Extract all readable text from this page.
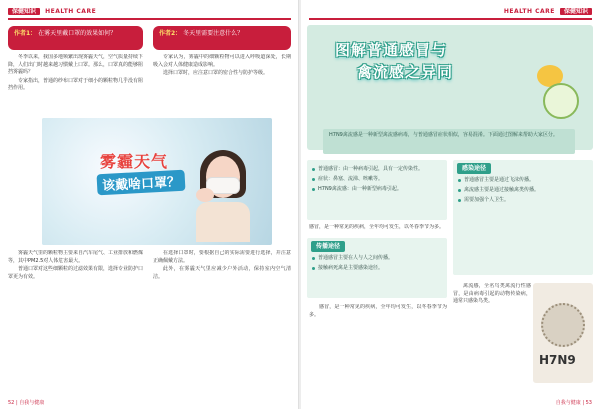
保健知识 HEALTH CARE
作者1： 在雾天里戴口罩的效果如何？	作者2： 冬天里需要注意什么？

冬季以来，我国多地频繁出现雾霾天气，空气质量持续下降，人们出门时越来越习惯戴上口罩。那么，口罩真的能够阻挡雾霾吗？

专家指出，普通的纱布口罩对于细小的颗粒物几乎没有阻挡作用。

专家认为，雾霾中的细颗粒物可以进入呼吸道深处，长期吸入会对人体健康造成影响。

选择口罩时，应注意口罩的密合性与防护等级。

雾霾天气
该戴啥口罩？

雾霾天气里的颗粒物主要来自汽车尾气、工业排放和燃煤等，其中PM2.5对人体危害最大。

普通口罩对这些细颗粒的过滤效果有限，选择专业防护口罩更为有效。

在选择口罩时，要根据自己的实际需要进行选择，并注意正确佩戴方法。

此外，在雾霾天气里应减少户外活动，保持室内空气清洁。

52 | 自我与健康
HEALTH CARE 保健知识
图解普通感冒与
禽流感之异同
H7N9禽流感是一种新型禽流感病毒，与普通感冒症状相似，容易混淆。下面通过图解来帮助大家区分。
普通感冒：由一种病毒引起，具有一定传染性。
症状：鼻塞、流涕、咳嗽等。
H7N9禽流感：由一种新型病毒引起。
感染途径
普通感冒主要是通过飞沫传播。
禽流感主要是通过接触禽类传播。
需要加强个人卫生。
感冒，是一种常见的疾病，全年均可发生，以冬春季节为多。
传播途径
普通感冒主要在人与人之间传播。
接触病死禽是主要感染途径。

感冒，是一种常见的疾病，全年均可发生，以冬春季节为多。

禽流感，全名鸟类禽流行性感冒，是由病毒引起的动物传染病，通常只感染鸟类。

H7N9
自我与健康 | 53
